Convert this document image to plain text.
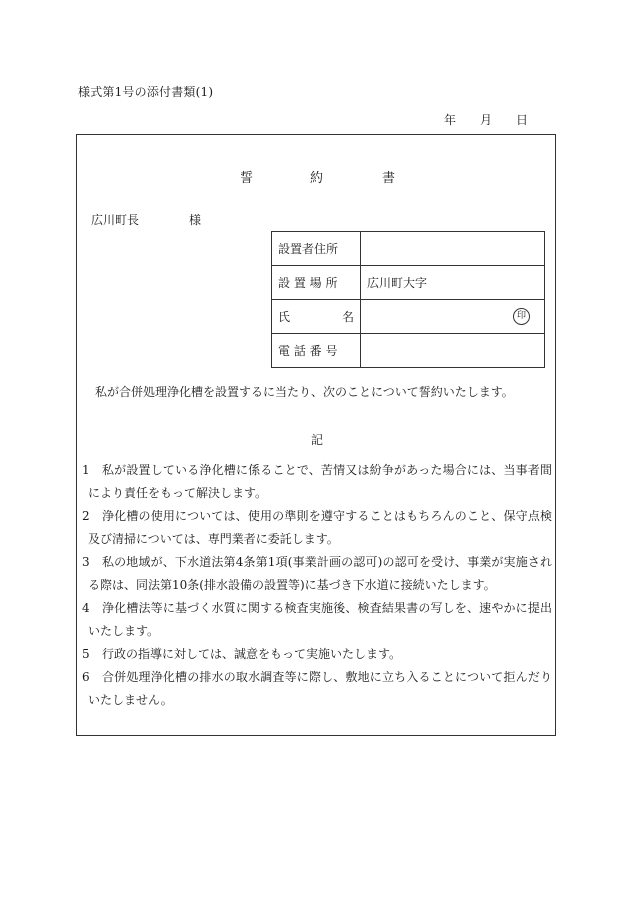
様式第1号の添付書類(1)
年 月 日
誓	約	書
広川町長	様
設置者住所	
設 置 場 所	広川町大字

氏 名	印

電 話 番 号	
私が合併処理浄化槽を設置するに当たり、次のことについて誓約いたします。
記
1	私が設置している浄化槽に係ることで、苦情又は紛争があった場合には、当事者間により責任をもって解決します。
2	浄化槽の使用については、使用の準則を遵守することはもちろんのこと、保守点検及び清掃については、専門業者に委託します。
3	私の地域が、下水道法第4条第1項(事業計画の認可)の認可を受け、事業が実施される際は、同法第10条(排水設備の設置等)に基づき下水道に接続いたします。
4	浄化槽法等に基づく水質に関する検査実施後、検査結果書の写しを、速やかに提出いたします。
5	行政の指導に対しては、誠意をもって実施いたします。
6	合併処理浄化槽の排水の取水調査等に際し、敷地に立ち入ることについて拒んだりいたしません。
